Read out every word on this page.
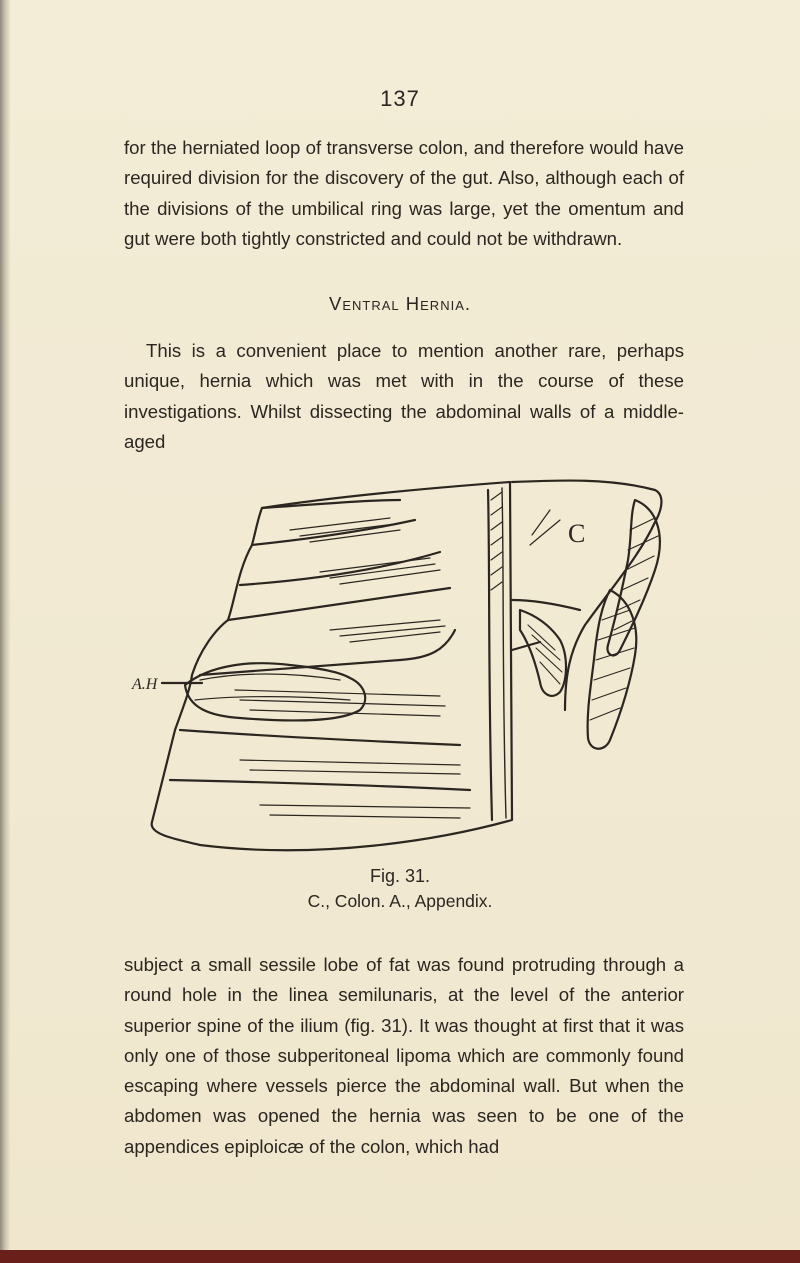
137

for the herniated loop of transverse colon, and therefore would have required division for the discovery of the gut. Also, although each of the divisions of the umbilical ring was large, yet the omentum and gut were both tightly constricted and could not be withdrawn.

Ventral Hernia.

This is a convenient place to mention another rare, perhaps unique, hernia which was met with in the course of these investigations. Whilst dissecting the abdominal walls of a middle-aged

C
A.H
Fig. 31.
C., Colon. A., Appendix.

subject a small sessile lobe of fat was found protruding through a round hole in the linea semilunaris, at the level of the anterior superior spine of the ilium (fig. 31). It was thought at first that it was only one of those subperitoneal lipoma which are commonly found escaping where vessels pierce the abdominal wall. But when the abdomen was opened the hernia was seen to be one of the appendices epiploicæ of the colon, which had
